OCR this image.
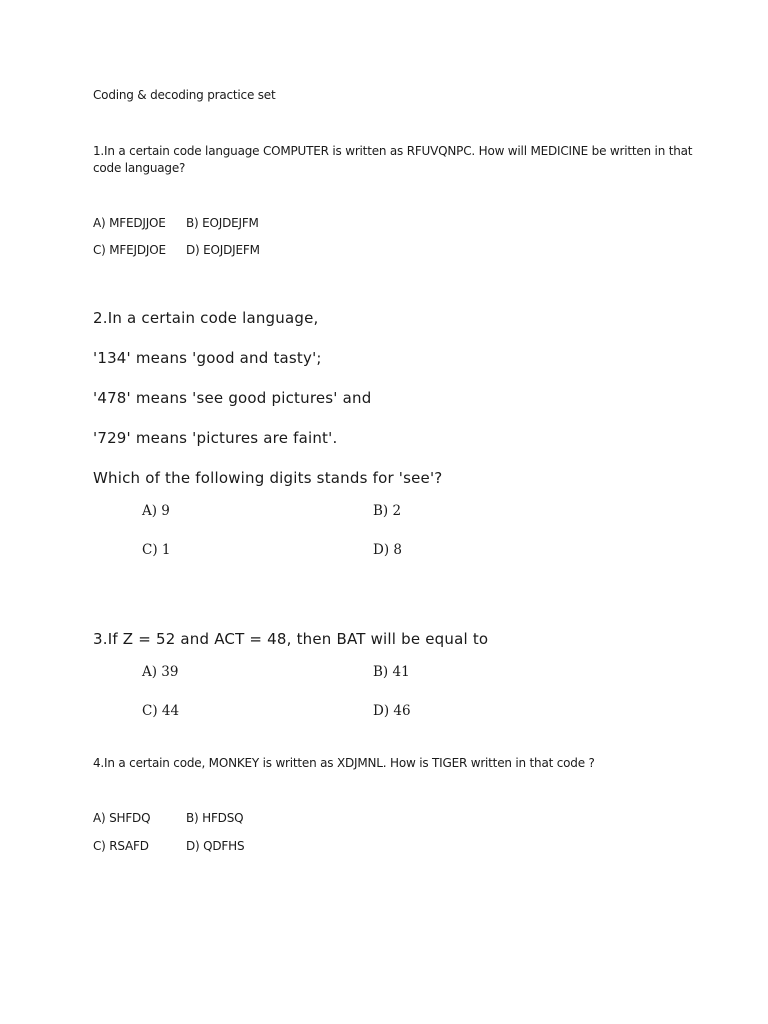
Coding & decoding practice set
1.In a certain code language COMPUTER is written as RFUVQNPC. How will MEDICINE be written in that code language?
A) MFEDJJOE B) EOJDEJFM
C) MFEJDJOE D) EOJDJEFM
2.In a certain code language,
'134' means 'good and tasty';
'478' means 'see good pictures' and
'729' means 'pictures are faint'.
Which of the following digits stands for 'see'?
A) 9	B) 2
C) 1	D) 8
3.If Z = 52 and ACT = 48, then BAT will be equal to
A) 39	B) 41
C) 44	D) 46
4.In a certain code, MONKEY is written as XDJMNL. How is TIGER written in that code ?
A) SHFDQ	B) HFDSQ
C) RSAFD	D) QDFHS
